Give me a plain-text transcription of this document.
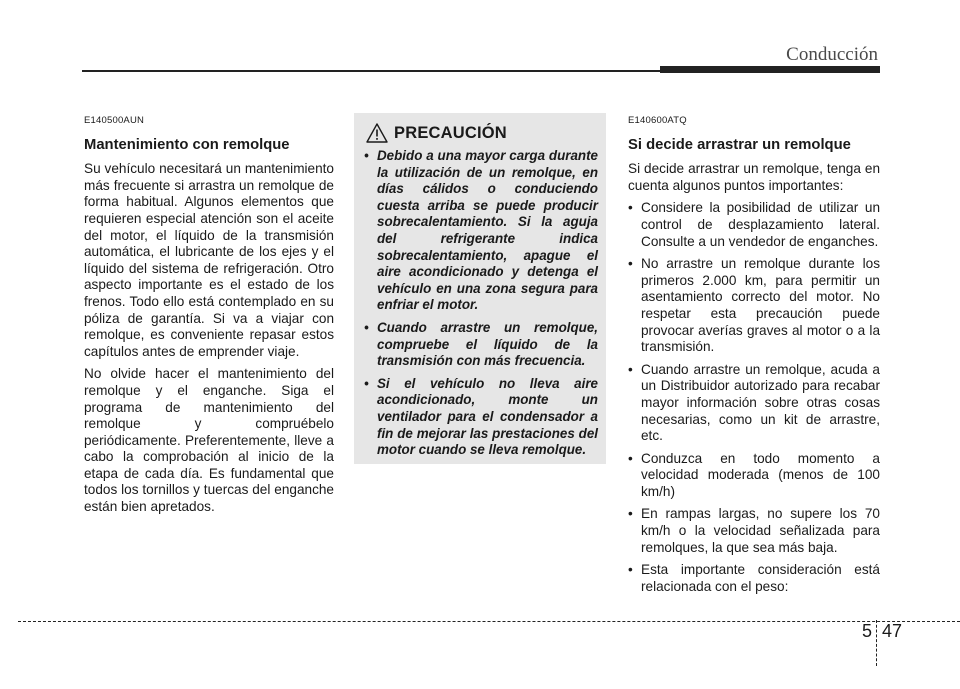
Conducción
E140500AUN
Mantenimiento con remolque

Su vehículo necesitará un mantenimiento más frecuente si arrastra un remolque de forma habitual. Algunos elementos que requieren especial atención son el aceite del motor, el líquido de la transmisión automática, el lubricante de los ejes y el líquido del sistema de refrigeración. Otro aspecto importante es el estado de los frenos. Todo ello está contemplado en su póliza de garantía. Si va a viajar con remolque, es conveniente repasar estos capítulos antes de emprender viaje.

No olvide hacer el mantenimiento del remolque y el enganche. Siga el programa de mantenimiento del remolque y compruébelo periódicamente. Preferentemente, lleve a cabo la comprobación al inicio de la etapa de cada día. Es fundamental que todos los tornillos y tuercas del enganche están bien apretados.

PRECAUCIÓN
• Debido a una mayor carga durante la utilización de un remolque, en días cálidos o conduciendo cuesta arriba se puede producir sobrecalentamiento. Si la aguja del refrigerante indica sobrecalentamiento, apague el aire acondicionado y detenga el vehículo en una zona segura para enfriar el motor.
• Cuando arrastre un remolque, compruebe el líquido de la transmisión con más frecuencia.
• Si el vehículo no lleva aire acondicionado, monte un ventilador para el condensador a fin de mejorar las prestaciones del motor cuando se lleva remolque.
E140600ATQ
Si decide arrastrar un remolque

Si decide arrastrar un remolque, tenga en cuenta algunos puntos importantes:

• Considere la posibilidad de utilizar un control de desplazamiento lateral. Consulte a un vendedor de enganches.
• No arrastre un remolque durante los primeros 2.000 km, para permitir un asentamiento correcto del motor. No respetar esta precaución puede provocar averías graves al motor o a la transmisión.
• Cuando arrastre un remolque, acuda a un Distribuidor autorizado para recabar mayor información sobre otras cosas necesarias, como un kit de arrastre, etc.
• Conduzca en todo momento a velocidad moderada (menos de 100 km/h)
• En rampas largas, no supere los 70 km/h o la velocidad señalizada para remolques, la que sea más baja.
• Esta importante consideración está relacionada con el peso:
5 47
